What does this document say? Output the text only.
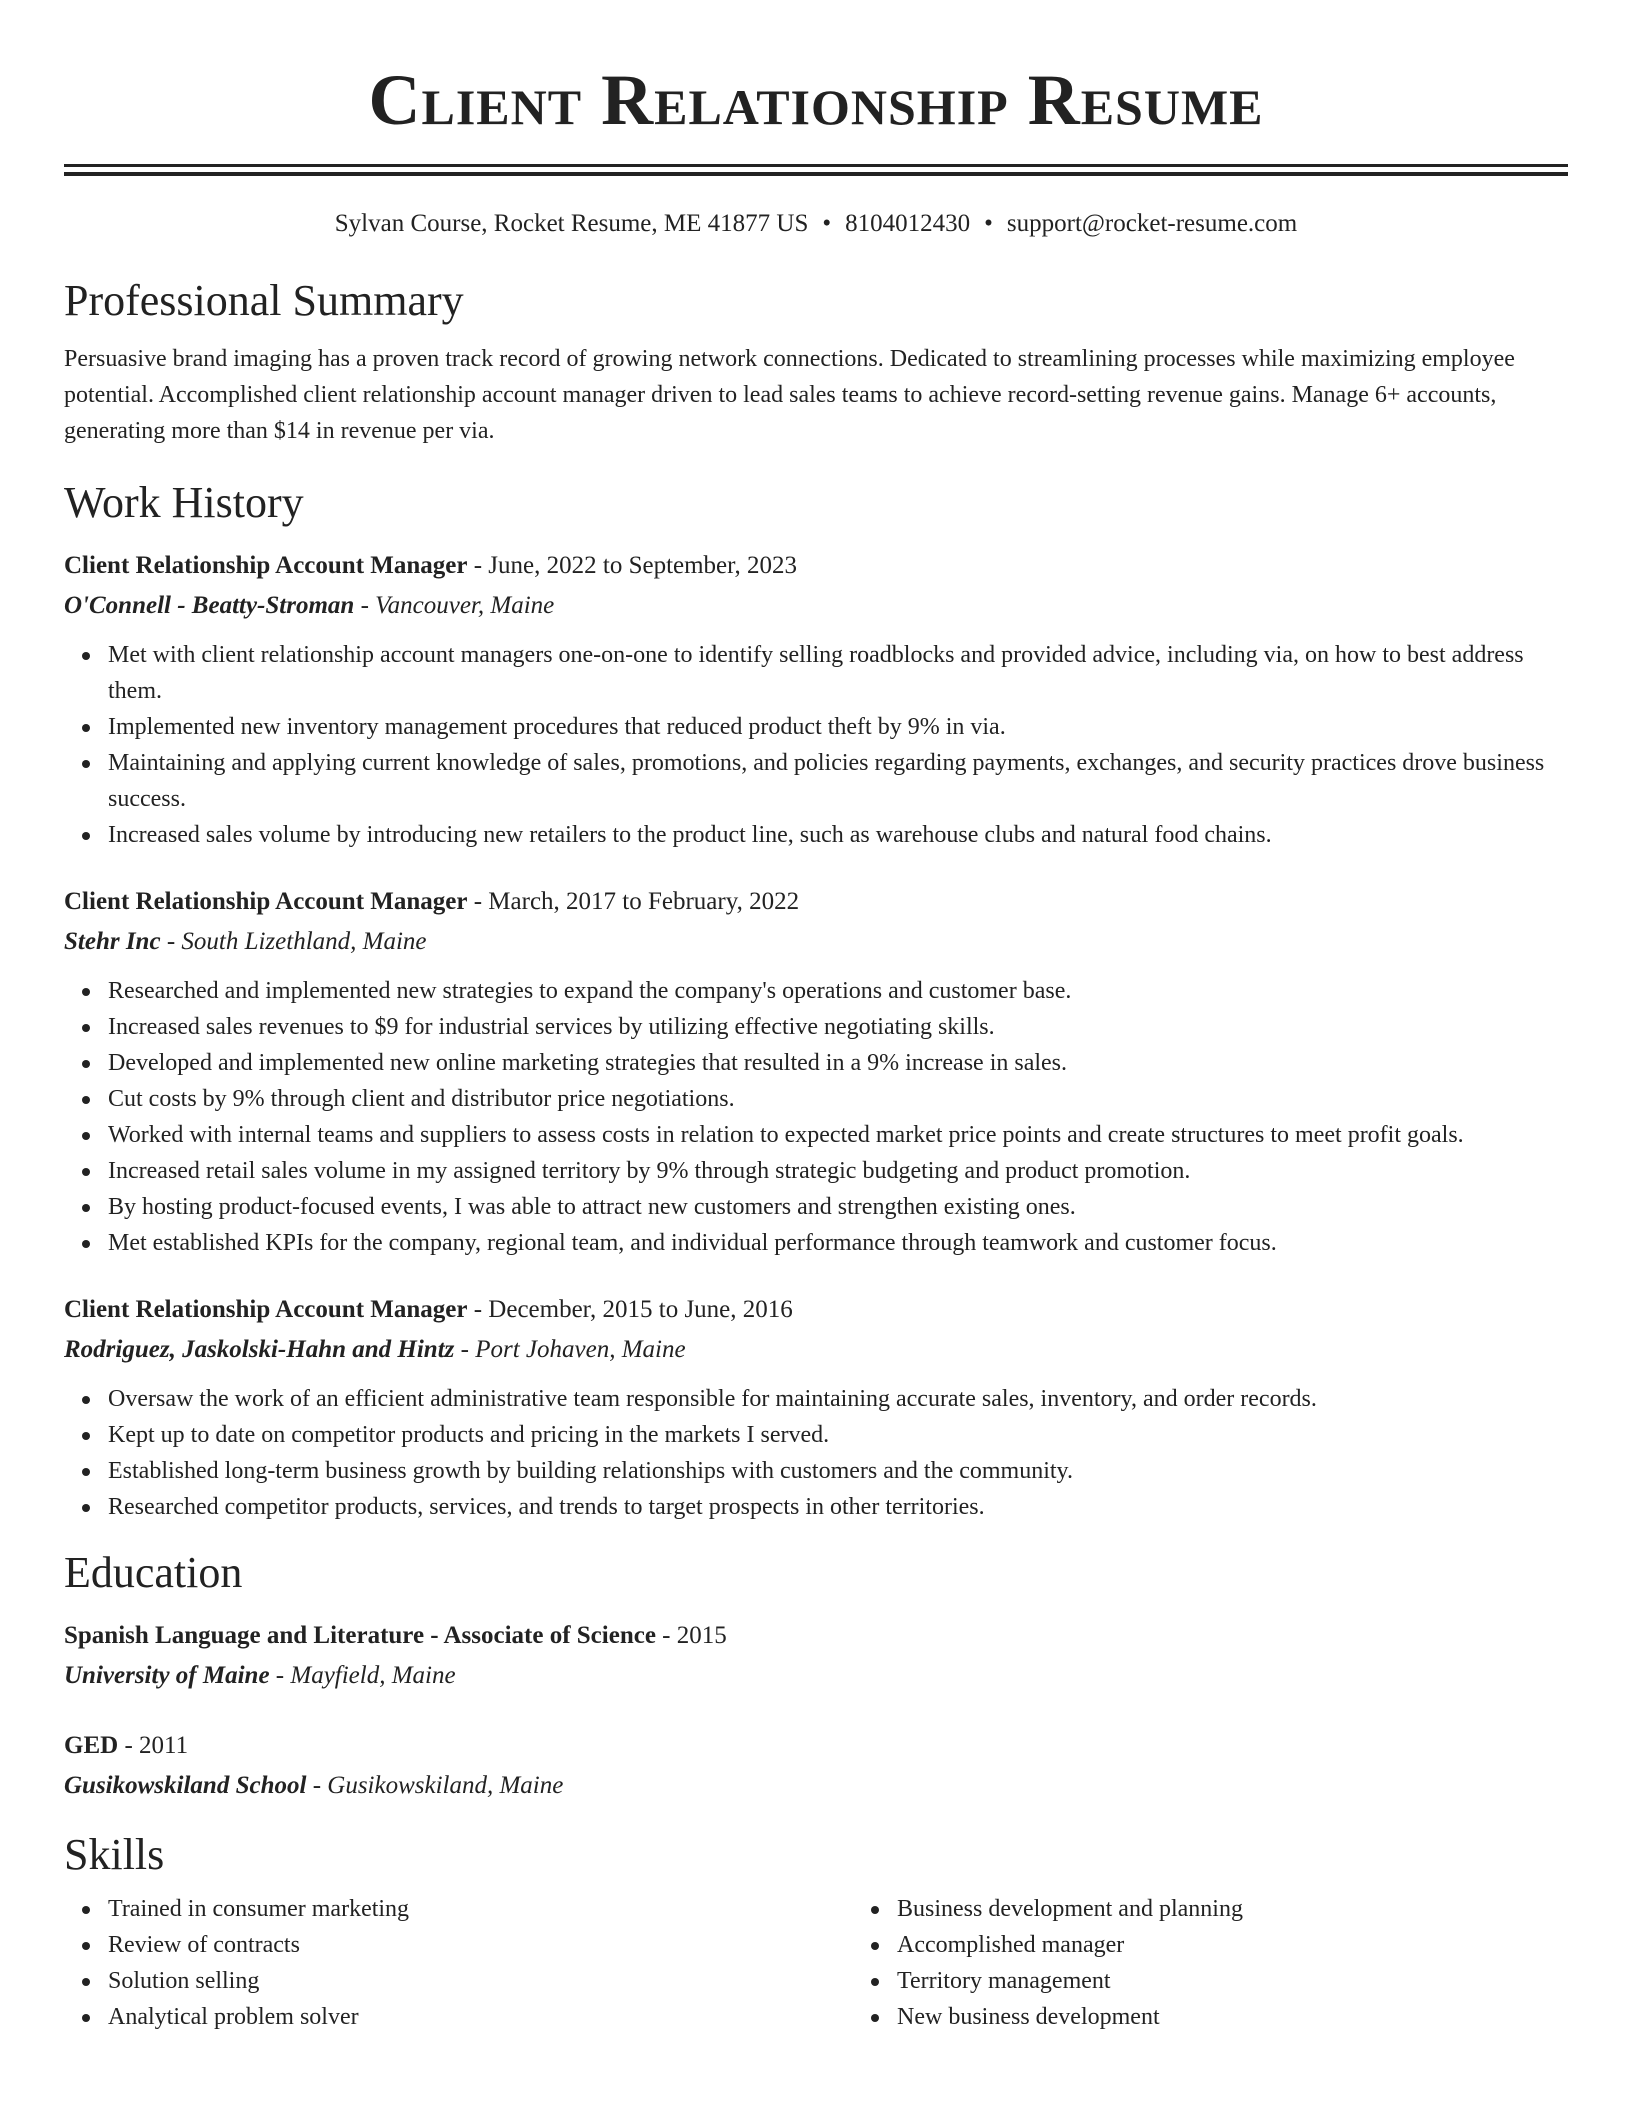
Client Relationship Resume
Sylvan Course, Rocket Resume, ME 41877 US • 8104012430 • support@rocket-resume.com
Professional Summary

Persuasive brand imaging has a proven track record of growing network connections. Dedicated to streamlining processes while maximizing employee potential. Accomplished client relationship account manager driven to lead sales teams to achieve record-setting revenue gains. Manage 6+ accounts, generating more than $14 in revenue per via.

Work History

Client Relationship Account Manager - June, 2022 to September, 2023

O'Connell - Beatty-Stroman - Vancouver, Maine

Met with client relationship account managers one-on-one to identify selling roadblocks and provided advice, including via, on how to best address them.
Implemented new inventory management procedures that reduced product theft by 9% in via.
Maintaining and applying current knowledge of sales, promotions, and policies regarding payments, exchanges, and security practices drove business success.
Increased sales volume by introducing new retailers to the product line, such as warehouse clubs and natural food chains.

Client Relationship Account Manager - March, 2017 to February, 2022

Stehr Inc - South Lizethland, Maine

Researched and implemented new strategies to expand the company's operations and customer base.
Increased sales revenues to $9 for industrial services by utilizing effective negotiating skills.
Developed and implemented new online marketing strategies that resulted in a 9% increase in sales.
Cut costs by 9% through client and distributor price negotiations.
Worked with internal teams and suppliers to assess costs in relation to expected market price points and create structures to meet profit goals.
Increased retail sales volume in my assigned territory by 9% through strategic budgeting and product promotion.
By hosting product-focused events, I was able to attract new customers and strengthen existing ones.
Met established KPIs for the company, regional team, and individual performance through teamwork and customer focus.

Client Relationship Account Manager - December, 2015 to June, 2016

Rodriguez, Jaskolski-Hahn and Hintz - Port Johaven, Maine

Oversaw the work of an efficient administrative team responsible for maintaining accurate sales, inventory, and order records.
Kept up to date on competitor products and pricing in the markets I served.
Established long-term business growth by building relationships with customers and the community.
Researched competitor products, services, and trends to target prospects in other territories.
Education

Spanish Language and Literature - Associate of Science - 2015

University of Maine - Mayfield, Maine

GED - 2011

Gusikowskiland School - Gusikowskiland, Maine

Skills
Trained in consumer marketing
Review of contracts
Solution selling
Analytical problem solver
Business development and planning
Accomplished manager
Territory management
New business development
